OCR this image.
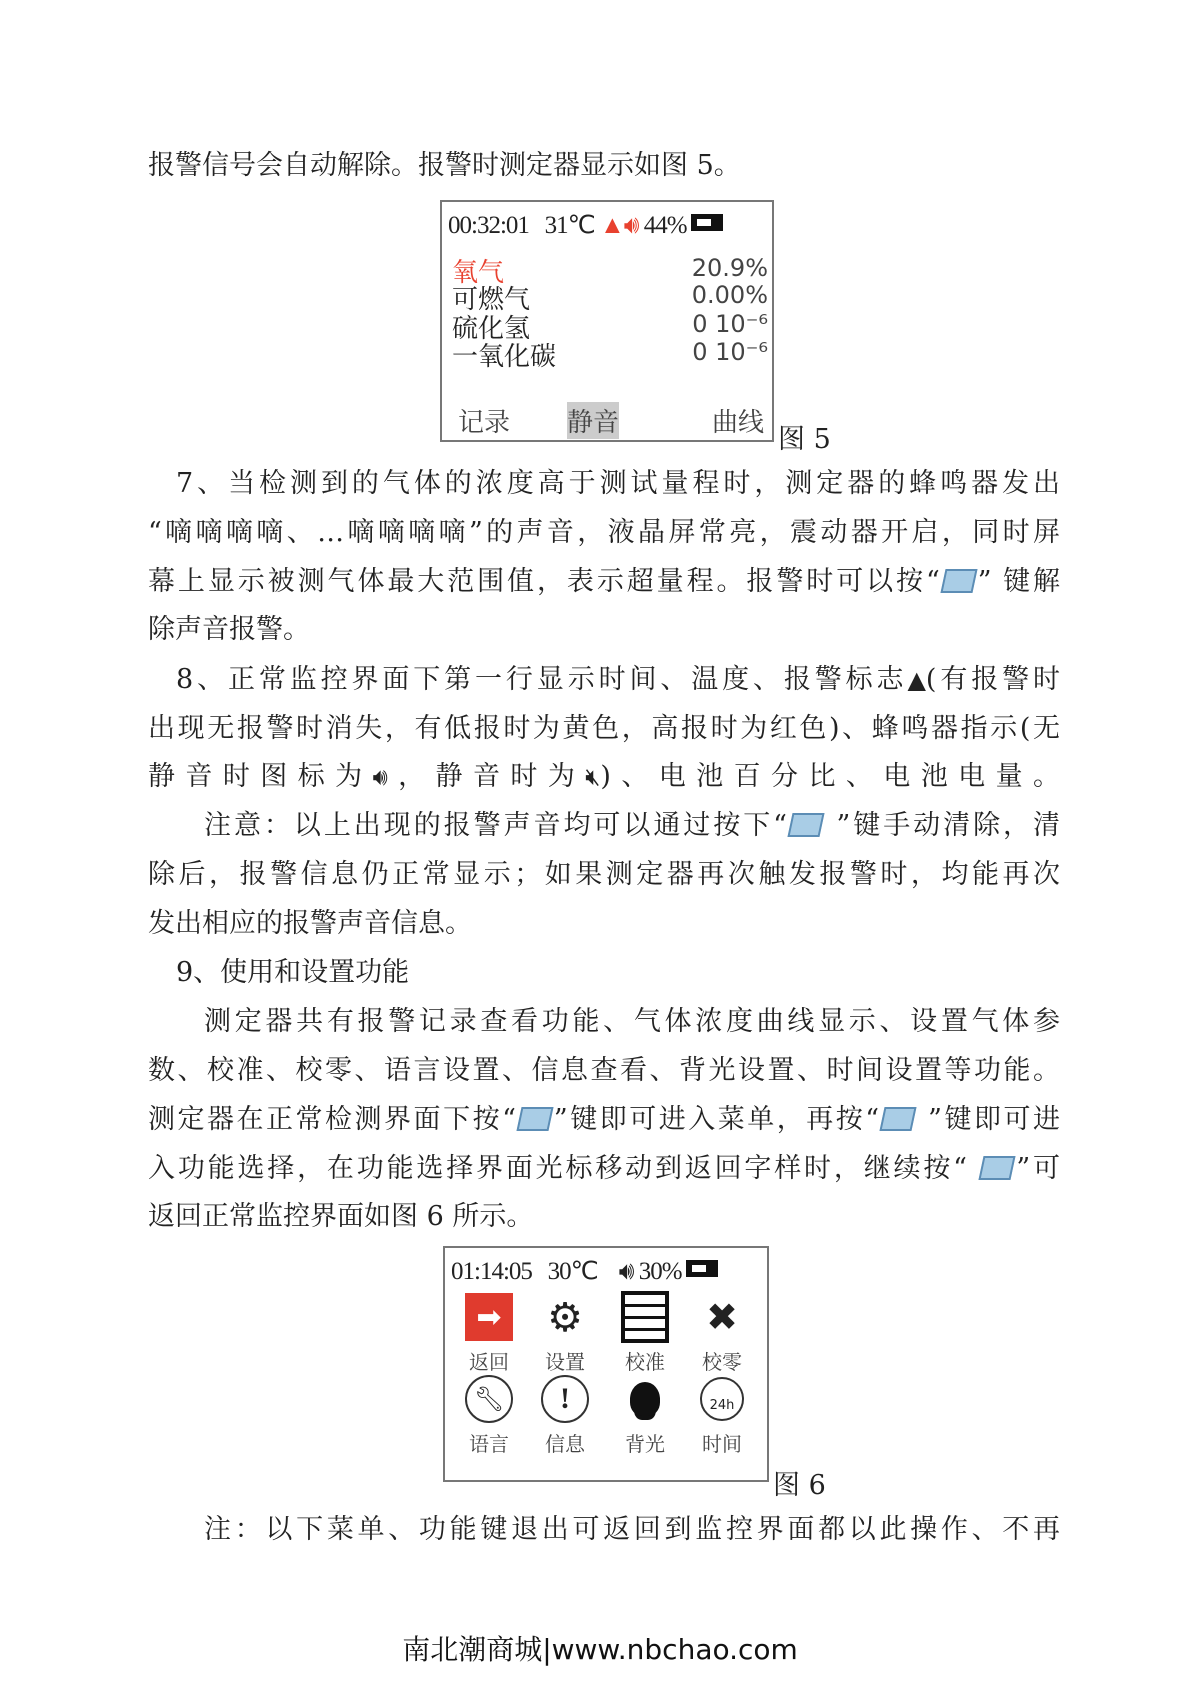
报警信号会自动解除。报警时测定器显示如图 5。
7、当检测到的气体的浓度高于测试量程时，测定器的蜂鸣器发出
“嘀嘀嘀嘀、…嘀嘀嘀嘀”的声音，液晶屏常亮，震动器开启，同时屏
幕上显示被测气体最大范围值，表示超量程。报警时可以按“ ” 键解
除声音报警。
8、正常监控界面下第一行显示时间、温度、报警标志▲(有报警时
出现无报警时消失，有低报时为黄色，高报时为红色)、蜂鸣器指示(无
静音时图标为🔊︎，静音时为🔇︎)、电池百分比、电池电量。
注意：以上出现的报警声音均可以通过按下“ ”键手动清除，清
除后，报警信息仍正常显示；如果测定器再次触发报警时，均能再次
发出相应的报警声音信息。
9、使用和设置功能
测定器共有报警记录查看功能、气体浓度曲线显示、设置气体参
数、校准、校零、语言设置、信息查看、背光设置、时间设置等功能。
测定器在正常检测界面下按“ ”键即可进入菜单，再按“ ”键即可进
入功能选择，在功能选择界面光标移动到返回字样时，继续按“ ”可
返回正常监控界面如图 6 所示。
注：以下菜单、功能键退出可返回到监控界面都以此操作、不再
00:32:01 31℃ ▲🔊︎ 44%
氧气	20.9%
可燃气	0.00%
硫化氢	0 10⁻⁶
一氧化碳	0 10⁻⁶
记录 静音	曲线
图 5
01:14:05 30℃ 🔊︎ 30%
➡
返回
⚙
设置	校准
✖
校零
🔧︎
语言
!
信息	背光
24h
时间
图 6
南北潮商城|www.nbchao.com
